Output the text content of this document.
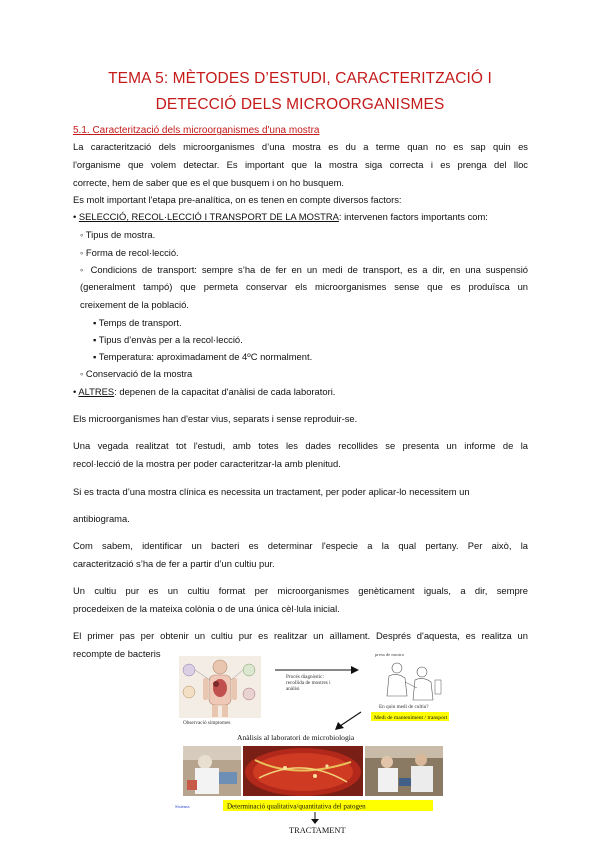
TEMA 5: MÈTODES D’ESTUDI, CARACTERITZACIÓ I
DETECCIÓ DELS MICROORGANISMES
5.1. Caracterització dels microorganismes d'una mostra
La caracterització dels microorganismes d’una mostra es du a terme quan no es sap quin es
l'organisme que volem detectar. Es important que la mostra siga correcta i es prenga del lloc
correcte, hem de saber que es el que busquem i on ho busquem.
Es molt important l'etapa pre-analítica, on es tenen en compte diversos factors:
• SELECCIÓ, RECOL·LECCIÓ I TRANSPORT DE LA MOSTRA: intervenen factors importants com:
◦ Tipus de mostra.
◦ Forma de recol·lecció.
◦ Condicions de transport: sempre s’ha de fer en un medi de transport, es a dir, en una suspensió
(generalment tampó) que permeta conservar els microorganismes sense que es produïsca un
creixement de la població.
▪ Temps de transport.
▪ Tipus d’envàs per a la recol·lecció.
▪ Temperatura: aproximadament de 4ºC normalment.
◦ Conservació de la mostra
• ALTRES: depenen de la capacitat d'anàlisi de cada laboratori.
Els microorganismes han d'estar vius, separats i sense reproduir-se.
Una vegada realitzat tot l'estudi, amb totes les dades recollides se presenta un informe de la
recol·lecció de la mostra per poder caracteritzar-la amb plenitud.
Si es tracta d’una mostra clínica es necessita un tractament, per poder aplicar-lo necessitem un
antibiograma.
Com sabem, identificar un bacteri es determinar l'especie a la qual pertany. Per això, la
caracterització s’ha de fer a partir d’un cultiu pur.
Un cultiu pur es un cultiu format per microorganismes genèticament iguals, a dir, sempre
procedeixen de la mateixa colònia o de una única cèl·lula inicial.
El primer pas per obtenir un cultiu pur es realitzar un aïllament. Després d'aquesta, es realitza un
recompte de bacteris
Observació simptomes
Procés diagnòstic: recollida de mostres i anàlisi
presa de mostra
En quin medi de cultiu?
Medi de manteniment / transport
Anàlisis al laboratori de microbiologia
Sistema	Determinació qualitativa/quantitativa del patogen
TRACTAMENT
